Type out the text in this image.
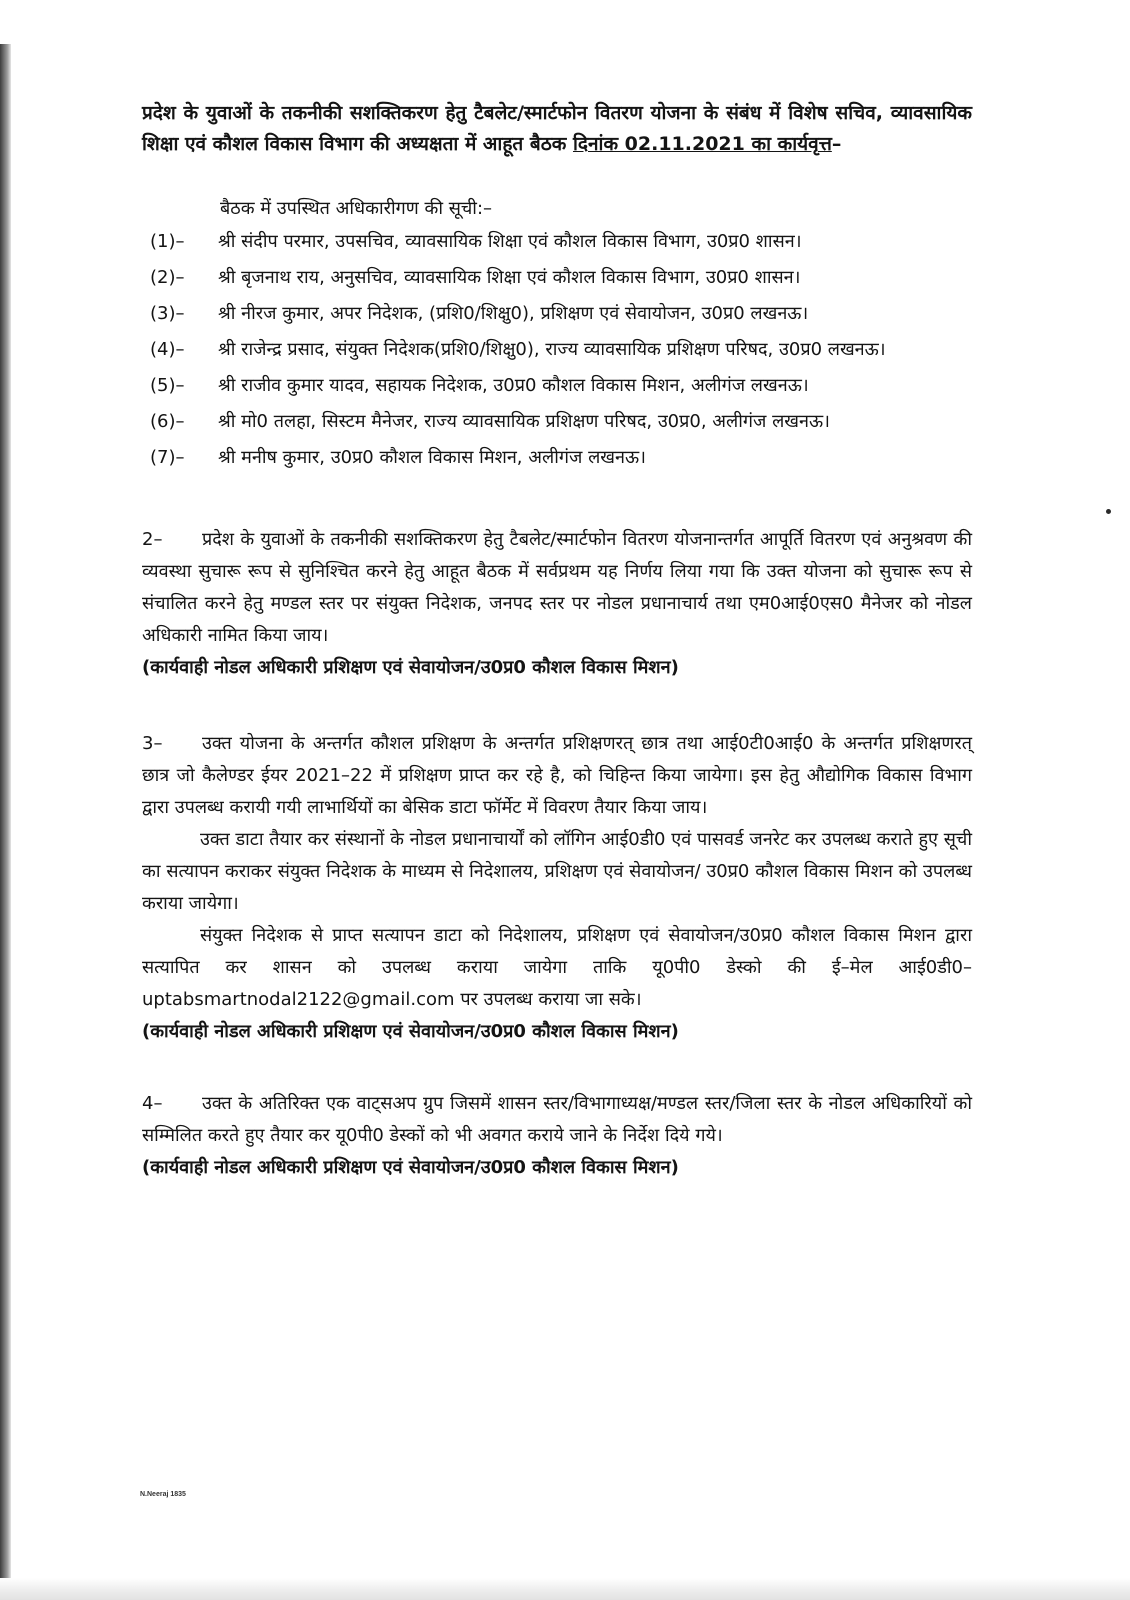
प्रदेश के युवाओं के तकनीकी सशक्तिकरण हेतु टैबलेट/स्मार्टफोन वितरण योजना के संबंध में विशेष सचिव, व्यावसायिक शिक्षा एवं कौशल विकास विभाग की अध्यक्षता में आहूत बैठक दिनांक 02.11.2021 का कार्यवृत्त–

बैठक में उपस्थित अधिकारीगण की सूची:–
(1)–	श्री संदीप परमार, उपसचिव, व्यावसायिक शिक्षा एवं कौशल विकास विभाग, उ0प्र0 शासन।
(2)–	श्री बृजनाथ राय, अनुसचिव, व्यावसायिक शिक्षा एवं कौशल विकास विभाग, उ0प्र0 शासन।
(3)–	श्री नीरज कुमार, अपर निदेशक, (प्रशि0/शिक्षु0), प्रशिक्षण एवं सेवायोजन, उ0प्र0 लखनऊ।
(4)–	श्री राजेन्द्र प्रसाद, संयुक्त निदेशक(प्रशि0/शिक्षु0), राज्य व्यावसायिक प्रशिक्षण परिषद, उ0प्र0 लखनऊ।
(5)–	श्री राजीव कुमार यादव, सहायक निदेशक, उ0प्र0 कौशल विकास मिशन, अलीगंज लखनऊ।
(6)–	श्री मो0 तलहा, सिस्टम मैनेजर, राज्य व्यावसायिक प्रशिक्षण परिषद, उ0प्र0, अलीगंज लखनऊ।
(7)–	श्री मनीष कुमार, उ0प्र0 कौशल विकास मिशन, अलीगंज लखनऊ।

2– प्रदेश के युवाओं के तकनीकी सशक्तिकरण हेतु टैबलेट/स्मार्टफोन वितरण योजनान्तर्गत आपूर्ति वितरण एवं अनुश्रवण की व्यवस्था सुचारू रूप से सुनिश्चित करने हेतु आहूत बैठक में सर्वप्रथम यह निर्णय लिया गया कि उक्त योजना को सुचारू रूप से संचालित करने हेतु मण्डल स्तर पर संयुक्त निदेशक, जनपद स्तर पर नोडल प्रधानाचार्य तथा एम0आई0एस0 मैनेजर को नोडल अधिकारी नामित किया जाय।

(कार्यवाही नोडल अधिकारी प्रशिक्षण एवं सेवायोजन/उ0प्र0 कौशल विकास मिशन)

3– उक्त योजना के अन्तर्गत कौशल प्रशिक्षण के अन्तर्गत प्रशिक्षणरत् छात्र तथा आई0टी0आई0 के अन्तर्गत प्रशिक्षणरत् छात्र जो कैलेण्डर ईयर 2021–22 में प्रशिक्षण प्राप्त कर रहे है, को चिहिन्त किया जायेगा। इस हेतु औद्योगिक विकास विभाग द्वारा उपलब्ध करायी गयी लाभार्थियों का बेसिक डाटा फॉर्मेट में विवरण तैयार किया जाय।

उक्त डाटा तैयार कर संस्थानों के नोडल प्रधानाचार्यों को लॉगिन आई0डी0 एवं पासवर्ड जनरेट कर उपलब्ध कराते हुए सूची का सत्यापन कराकर संयुक्त निदेशक के माध्यम से निदेशालय, प्रशिक्षण एवं सेवायोजन/ उ0प्र0 कौशल विकास मिशन को उपलब्ध कराया जायेगा।

संयुक्त निदेशक से प्राप्त सत्यापन डाटा को निदेशालय, प्रशिक्षण एवं सेवायोजन/उ0प्र0 कौशल विकास मिशन द्वारा सत्यापित कर शासन को उपलब्ध कराया जायेगा ताकि यू0पी0 डेस्को की ई–मेल आई0डी0–uptabsmartnodal2122@gmail.com पर उपलब्ध कराया जा सके।

(कार्यवाही नोडल अधिकारी प्रशिक्षण एवं सेवायोजन/उ0प्र0 कौशल विकास मिशन)

4– उक्त के अतिरिक्त एक वाट्सअप ग्रुप जिसमें शासन स्तर/विभागाध्यक्ष/मण्डल स्तर/जिला स्तर के नोडल अधिकारियों को सम्मिलित करते हुए तैयार कर यू0पी0 डेस्कों को भी अवगत कराये जाने के निर्देश दिये गये।

(कार्यवाही नोडल अधिकारी प्रशिक्षण एवं सेवायोजन/उ0प्र0 कौशल विकास मिशन)

N.Neeraj 1835
